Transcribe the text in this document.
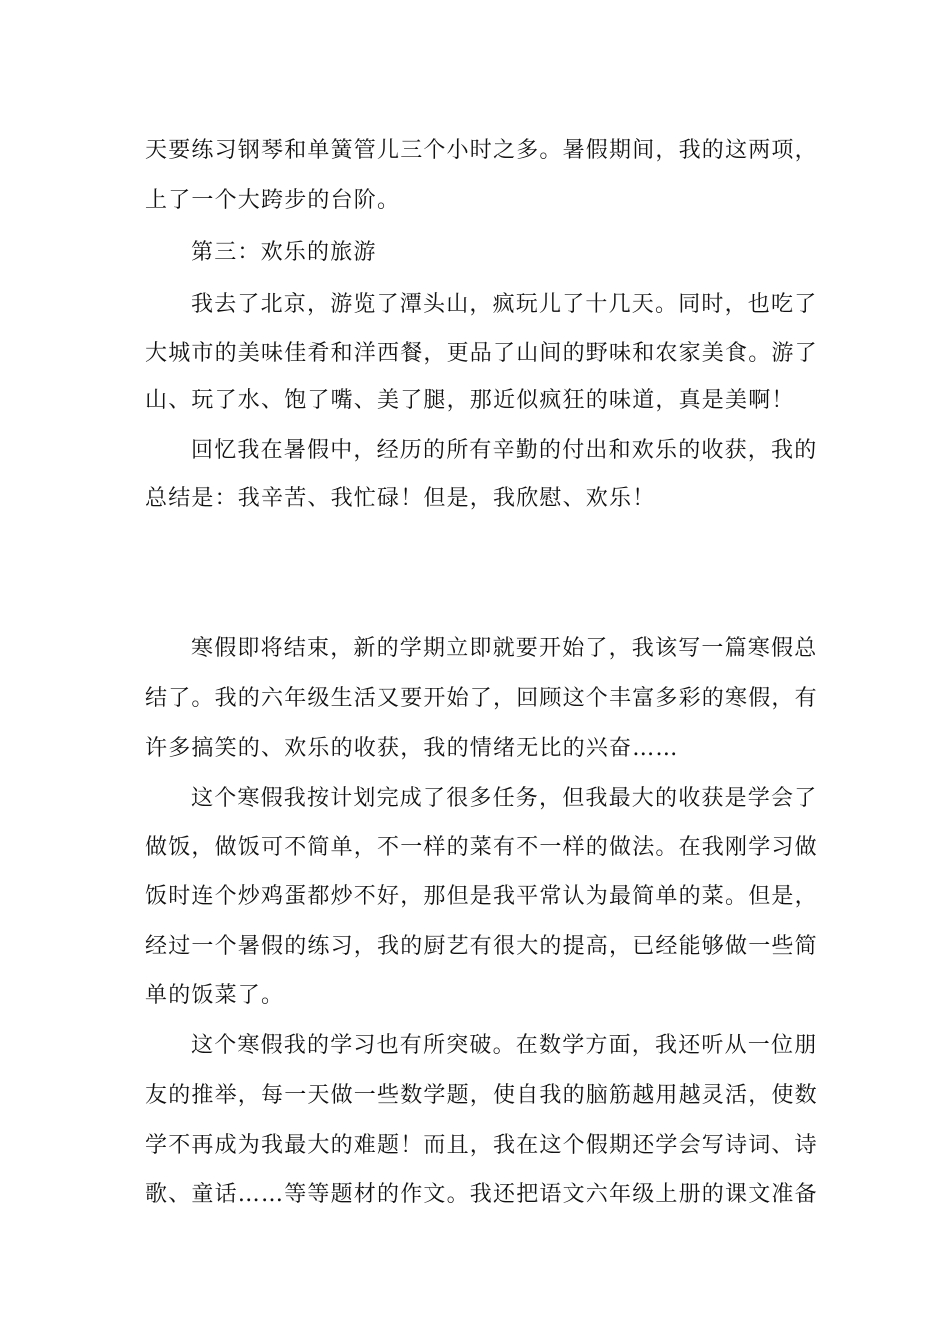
天要练习钢琴和单簧管儿三个小时之多。暑假期间，我的这两项，
上了一个大跨步的台阶。
第三：欢乐的旅游
我去了北京，游览了潭头山，疯玩儿了十几天。同时，也吃了
大城市的美味佳肴和洋西餐，更品了山间的野味和农家美食。游了
山、玩了水、饱了嘴、美了腿，那近似疯狂的味道，真是美啊！
回忆我在暑假中，经历的所有辛勤的付出和欢乐的收获，我的
总结是：我辛苦、我忙碌！但是，我欣慰、欢乐！
寒假即将结束，新的学期立即就要开始了，我该写一篇寒假总
结了。我的六年级生活又要开始了，回顾这个丰富多彩的寒假，有
许多搞笑的、欢乐的收获，我的情绪无比的兴奋……
这个寒假我按计划完成了很多任务，但我最大的收获是学会了
做饭，做饭可不简单，不一样的菜有不一样的做法。在我刚学习做
饭时连个炒鸡蛋都炒不好，那但是我平常认为最简单的菜。但是，
经过一个暑假的练习，我的厨艺有很大的提高，已经能够做一些简
单的饭菜了。
这个寒假我的学习也有所突破。在数学方面，我还听从一位朋
友的推举，每一天做一些数学题，使自我的脑筋越用越灵活，使数
学不再成为我最大的难题！而且，我在这个假期还学会写诗词、诗
歌、童话……等等题材的作文。我还把语文六年级上册的课文准备
